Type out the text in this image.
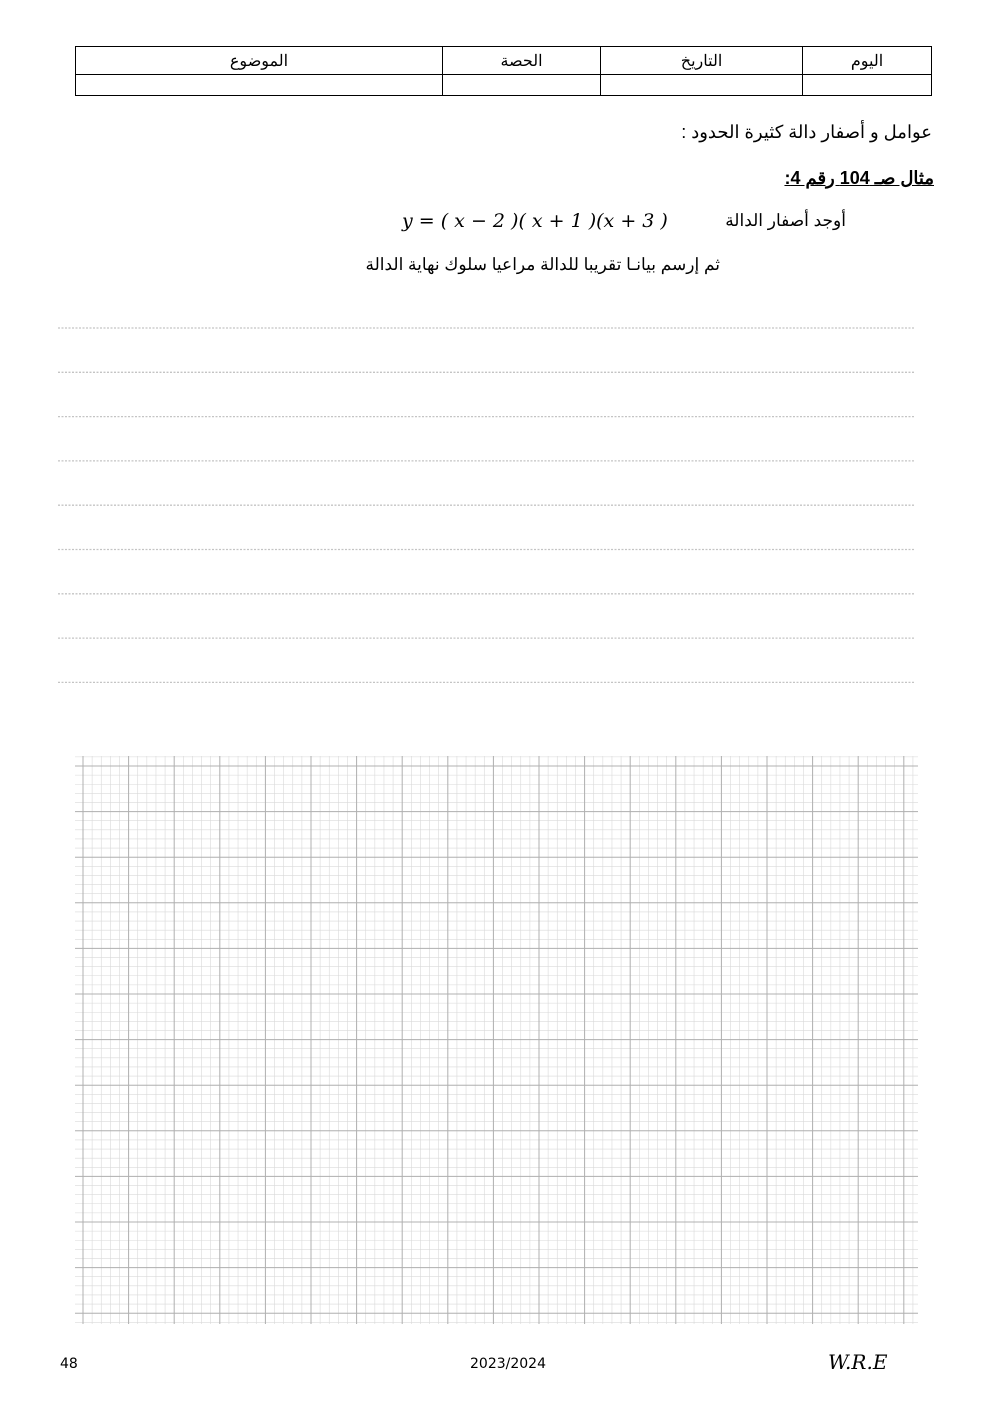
اليوم	التاريخ	الحصة	الموضوع

عوامل و أصفار دالة كثيرة الحدود :
مثال صـ 104 رقم 4:
أوجد أصفار الدالة
y = ( x − 2 )( x + 1 )(x + 3 )
ثم إرسم بيانـا تقريبا للدالة مراعيا سلوك نهاية الدالة
48	2023/2024	W.R.E
